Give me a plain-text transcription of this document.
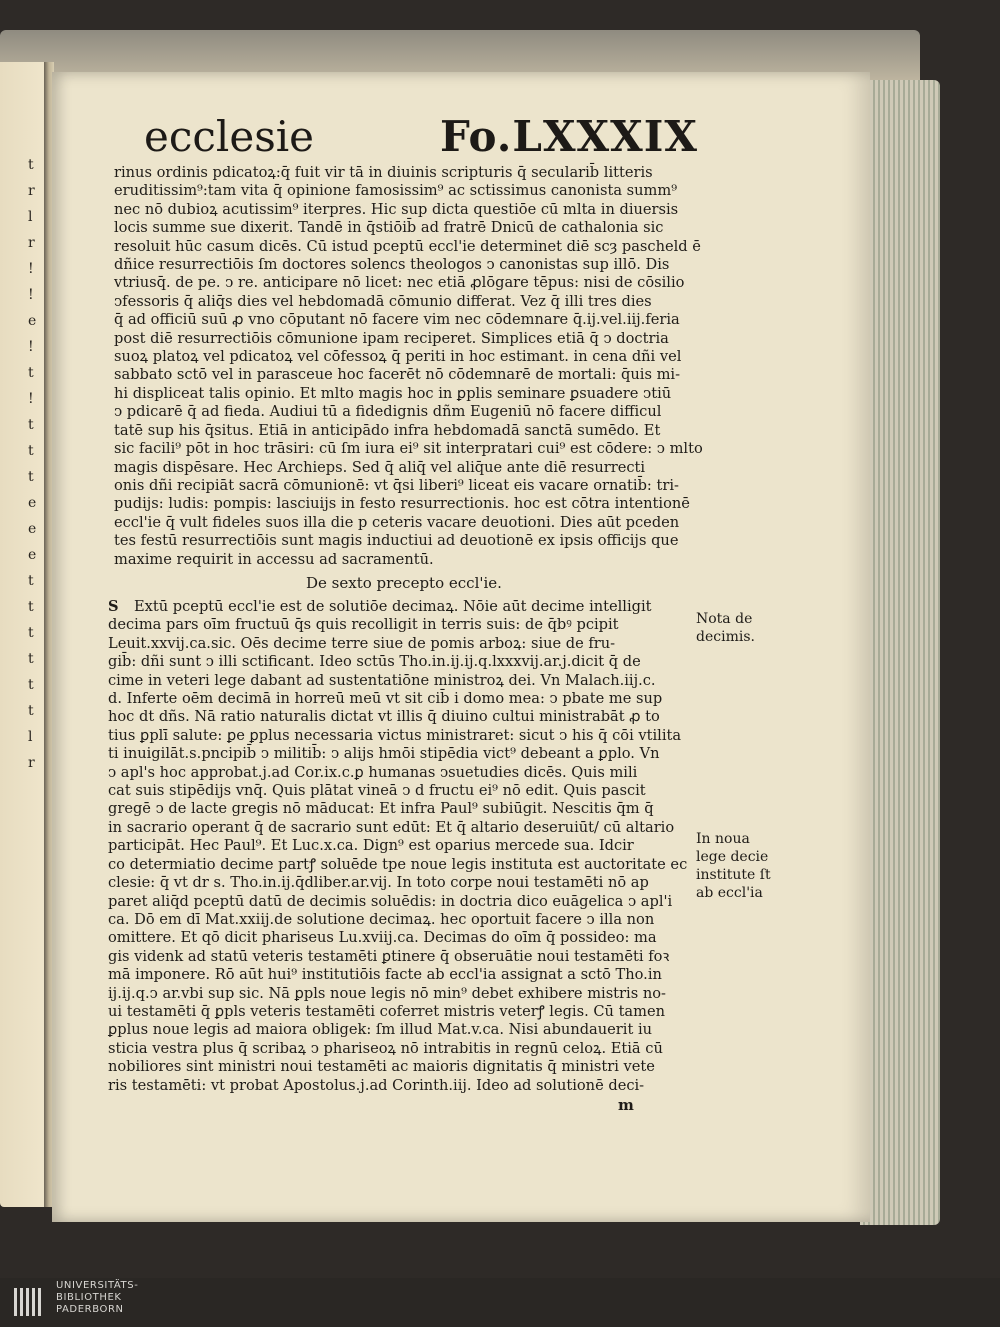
t
r
l
r
!
!
e
!
t
!
t
t
t
e
e
e
t
t
t
t
t
t
l
r
ecclesie	Fo.LXXXIX

rinus ordinis pdicatoꝝ:q̄ fuit vir tā in diuinis scripturis q̄ secularib̄ litteris

eruditissim⁹:tam vita q̄ opinione famosissim⁹ ac sctissimus canonista summ⁹

nec nō dubioꝝ acutissim⁹ iterpres. Hic sup dicta questiōe cū mlta in diuersis

locis summe sue dixerit. Tandē in q̄stiōib̄ ad fratrē Dnicū de cathalonia sic

resoluit hūc casum dicēs. Cū istud pceptū eccl'ie determinet diē scȝ pascheld ē

dñice resurrectiōis ſm doctores solencs theologos ↄ canonistas sup illō. Dis

vtriusq̄. de pe. ↄ re. anticipare nō licet: nec etiā ꝓlōgare tēpus: nisi de cōsilio

ↄfessoris q̄ aliq̄s dies vel hebdomadā cōmunio differat. Vez q̄ illi tres dies

q̄ ad officiū suū ꝓ vno cōputant nō facere vim nec cōdemnare q̄.ij.vel.iij.feria

post diē resurrectiōis cōmunione ipam reciperet. Simplices etiā q̄ ↄ doctria

suoꝝ platoꝝ vel pdicatoꝝ vel cōfessoꝝ q̄ periti in hoc estimant. in cena dñi vel

sabbato sctō vel in parasceue hoc facerēt nō cōdemnarē de mortali: q̄uis mi-

hi displiceat talis opinio. Et mlto magis hoc in ꝑplis seminare ꝑsuadere ↄtiū

ↄ pdicarē q̄ ad fieda. Audiui tū a fidedignis dñm Eugeniū nō facere difficul

tatē sup his q̄situs. Etiā in anticipādo infra hebdomadā sanctā sumēdo. Et

sic facili⁹ pōt in hoc trāsiri: cū ſm iura ei⁹ sit interpratari cui⁹ est cōdere: ↄ mlto

magis dispēsare. Hec Archieps. Sed q̄ aliq̄ vel aliq̄ue ante diē resurrecti

onis dñi recipiāt sacrā cōmunionē: vt q̄si liberi⁹ liceat eis vacare ornatib̄: tri-

pudijs: ludis: pompis: lasciuijs in festo resurrectionis. hoc est cōtra intentionē

eccl'ie q̄ vult fideles suos illa die p ceteris vacare deuotioni. Dies aūt pceden

tes festū resurrectiōis sunt magis inductiui ad deuotionē ex ipsis officijs que

maxime requirit in accessu ad sacramentū.

De sexto precepto eccl'ie.

S Extū pceptū eccl'ie est de solutiōe decimaꝝ. Nōie aūt decime intelligit

decima pars oīm fructuū q̄s quis recolligit in terris suis: de q̄bꝰ pcipit

Leuit.xxvij.ca.sic. Oēs decime terre siue de pomis arboꝝ: siue de fru-

gib̄: dñi sunt ↄ illi sctificant. Ideo sctūs Tho.in.ij.ij.q.lxxxvij.ar.j.dicit q̄ de

cime in veteri lege dabant ad sustentatiōne ministroꝝ dei. Vn Malach.iij.c.

d. Inferte oēm decimā in horreū meū vt sit cib̄ i domo mea: ↄ pbate me sup

hoc dt dñs. Nā ratio naturalis dictat vt illis q̄ diuino cultui ministrabāt ꝓ to

tius ꝑplī salute: ꝑe ꝑplus necessaria victus ministraret: sicut ↄ his q̄ cōi vtilita

ti inuigilāt.s.pncipib̄ ↄ militib̄: ↄ alijs hmōi stipēdia vict⁹ debeant a ꝑplo. Vn

ↄ apl's hoc approbat.j.ad Cor.ix.c.ꝑ humanas ↄsuetudies dicēs. Quis mili

cat suis stipēdijs vnq̄. Quis plātat vineā ↄ d fructu ei⁹ nō edit. Quis pascit

gregē ↄ de lacte gregis nō māducat: Et infra Paul⁹ subiūgit. Nescitis q̄m q̄

in sacrario operant q̄ de sacrario sunt edūt: Et q̄ altario deseruiūt/ cū altario

participāt. Hec Paul⁹. Et Luc.x.ca. Dign⁹ est oparius mercede sua. Idcir

co determiatio decime partꝭ soluēde tpe noue legis instituta est auctoritate ec

clesie: q̄ vt dr s. Tho.in.ij.q̄dliber.ar.vij. In toto corpe noui testamēti nō ap

paret aliq̄d pceptū datū de decimis soluēdis: in doctria dico euāgelica ↄ apl'i

ca. Dō em dī Mat.xxiij.de solutione decimaꝝ. hec oportuit facere ↄ illa non

omittere. Et qō dicit phariseus Lu.xviij.ca. Decimas do oīm q̄ possideo: ma

gis videnk ad statū veteris testamēti ꝑtinere q̄ obseruātie noui testamēti foꝛ

mā imponere. Rō aūt hui⁹ institutiōis facte ab eccl'ia assignat a sctō Tho.in

ij.ij.q.ↄ ar.vbi sup sic. Nā ꝑpls noue legis nō min⁹ debet exhibere mistris no-

ui testamēti q̄ ꝑpls veteris testamēti coferret mistris veterꝭ legis. Cū tamen

ꝑplus noue legis ad maiora obligek: ſm illud Mat.v.ca. Nisi abundauerit iu

sticia vestra plus q̄ scribaꝝ ↄ phariseoꝝ nō intrabitis in regnū celoꝝ. Etiā cū

nobiliores sint ministri noui testamēti ac maioris dignitatis q̄ ministri vete

ris testamēti: vt probat Apostolus.j.ad Corinth.iij. Ideo ad solutionē deci-

Nota de
decimis.
In noua
lege decie
institute ſt
ab eccl'ia
m
UNIVERSITÄTS-
BIBLIOTHEK
PADERBORN
